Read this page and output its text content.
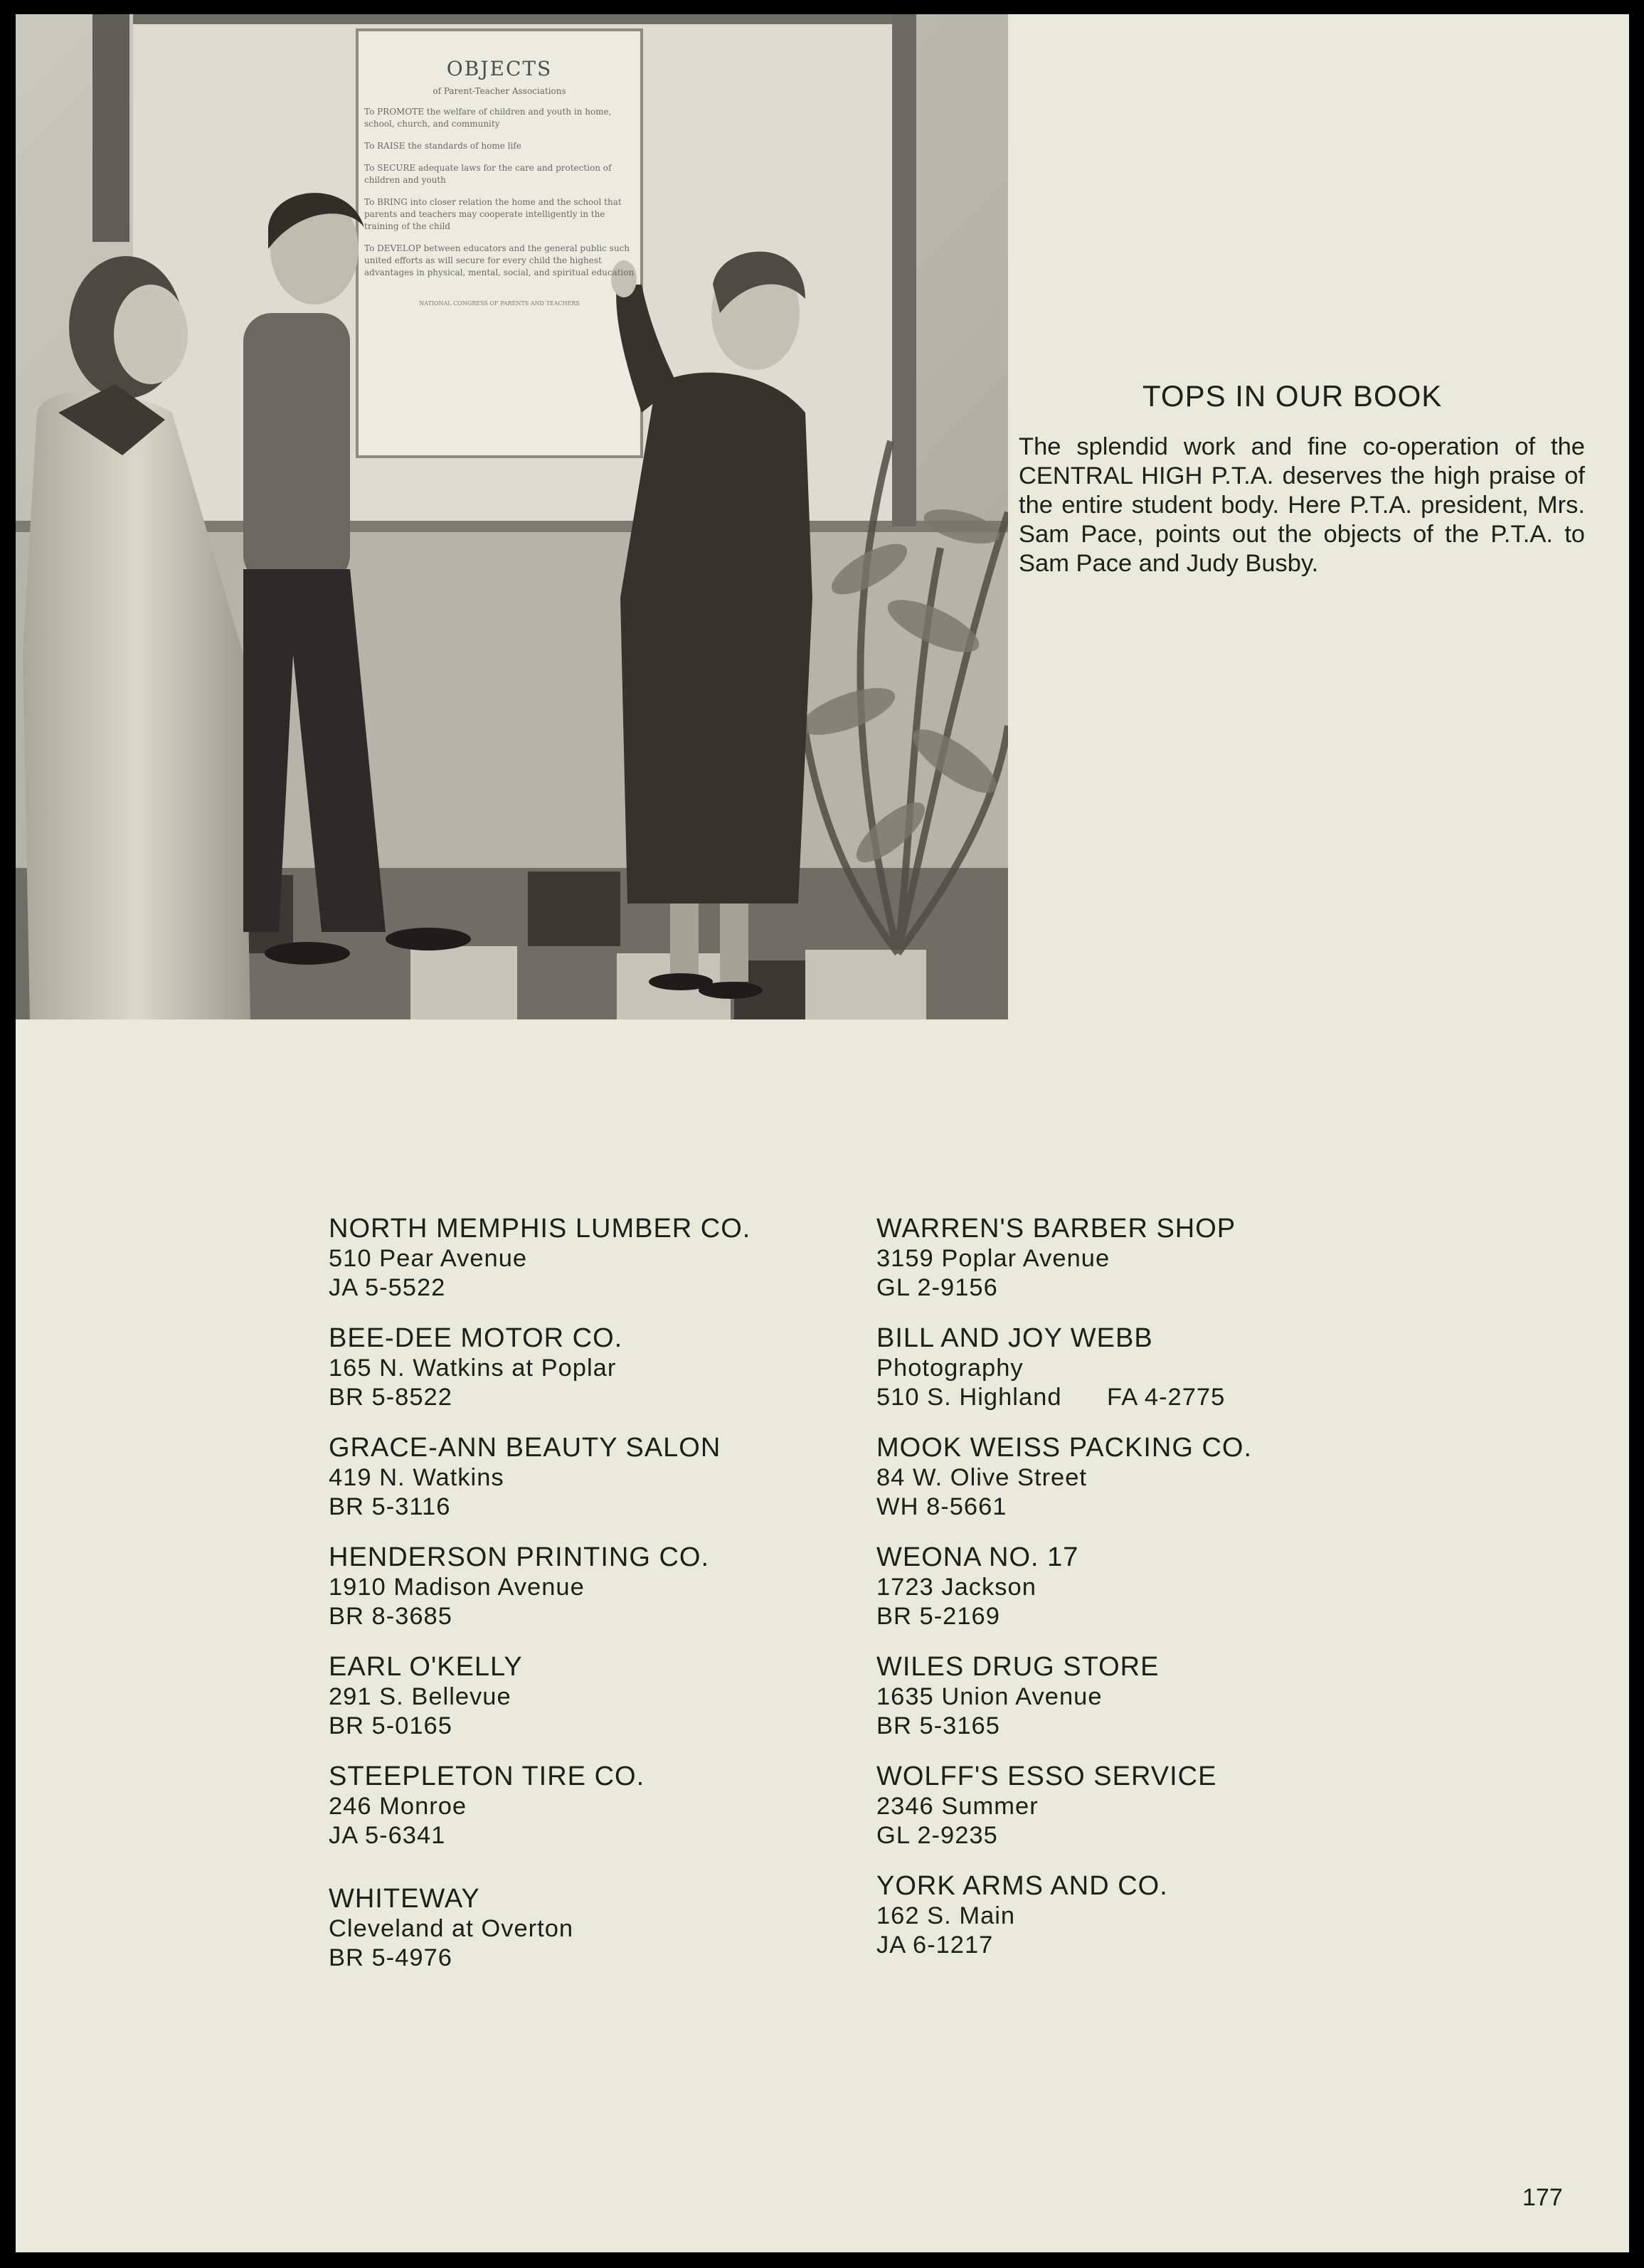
OBJECTS
of Parent-Teacher Associations
To PROMOTE the welfare of children and youth in home, school, church, and community
To RAISE the standards of home life
To SECURE adequate laws for the care and protection of children and youth
To BRING into closer relation the home and the school that parents and teachers may cooperate intelligently in the training of the child
To DEVELOP between educators and the general public such united efforts as will secure for every child the highest advantages in physical, mental, social, and spiritual education
NATIONAL CONGRESS OF PARENTS AND TEACHERS
TOPS IN OUR BOOK
The splendid work and fine co-operation of the CENTRAL HIGH P.T.A. deserves the high praise of the entire student body. Here P.T.A. president, Mrs. Sam Pace, points out the objects of the P.T.A. to Sam Pace and Judy Busby.
NORTH MEMPHIS LUMBER CO.
510 Pear Avenue
JA 5-5522
BEE-DEE MOTOR CO.
165 N. Watkins at Poplar
BR 5-8522
GRACE-ANN BEAUTY SALON
419 N. Watkins
BR 5-3116
HENDERSON PRINTING CO.
1910 Madison Avenue
BR 8-3685
EARL O'KELLY
291 S. Bellevue
BR 5-0165
STEEPLETON TIRE CO.
246 Monroe
JA 5-6341
WHITEWAY
Cleveland at Overton
BR 5-4976
WARREN'S BARBER SHOP
3159 Poplar Avenue
GL 2-9156
BILL AND JOY WEBB
Photography
510 S. Highland      FA 4-2775
MOOK WEISS PACKING CO.
84 W. Olive Street
WH 8-5661
WEONA NO. 17
1723 Jackson
BR 5-2169
WILES DRUG STORE
1635 Union Avenue
BR 5-3165
WOLFF'S ESSO SERVICE
2346 Summer
GL 2-9235
YORK ARMS AND CO.
162 S. Main
JA 6-1217
177
